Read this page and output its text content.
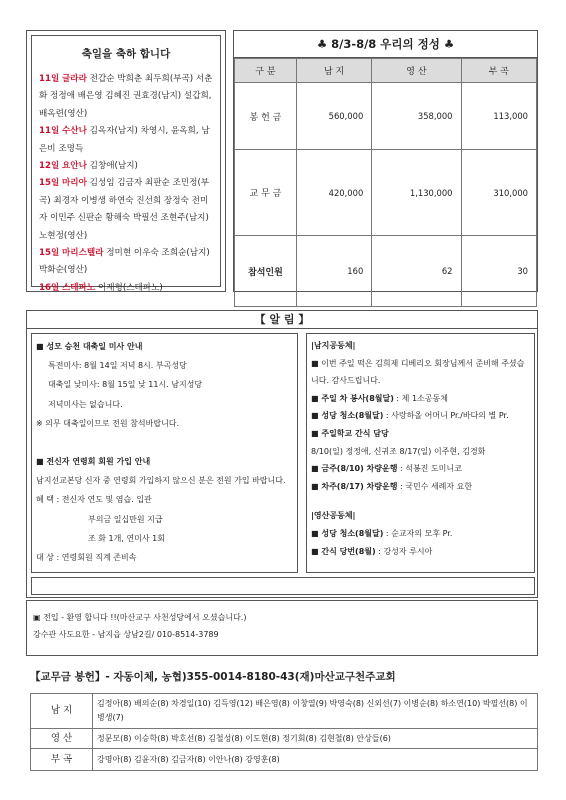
축일을 축하 합니다
11일 글라라 전갑순 박희춘 최두희(부곡) 서춘화 정정애 배은영 김혜진 권효경(남지) 설갑희, 배옥련(영산)
11일 수산나 김옥자(남지) 차영시, 윤옥희, 남은비 조명득
12일 요안나 김창애(남지)
15일 마리아 김성임 김금자 최판순 조민정(부곡) 최경자 이병생 하연숙 진선희 장정숙 전미자 이민주 신판순 황해숙 박필선 조현주(남지) 노현정(영산)
15일 마리스텔라 정미현 이우숙 조희순(남지) 박화순(영산)
16일 스테파노 이재형(스테파노)
♣ 8/3-8/8 우리의 정성 ♣
구 분	남 지	영 산	부 곡
봉 헌 금	560,000	358,000	113,000
교 무 금	420,000	1,130,000	310,000
참석인원	160	62	30
【 알 림 】
■ 성모 승천 대축일 미사 안내
특전미사: 8월 14일 저녁 8시. 부곡성당
대축일 낮미사: 8월 15일 낮 11시. 남지성당
저녁미사는 없습니다.
※ 의무 대축일이므로 전원 참석바랍니다.
■ 전신자 연령회 회원 가입 안내
남지선교본당 신자 중 연령회 가입하지 않으신 분은 전원 가입 바랍니다.
혜 택 : 전신자 연도 및 염습. 입관
부의금 일십만원 지급
조 화 1개, 연미사 1회
대 상 : 연령회원 직계 존비속
|남지공동체|
■ 이번 주일 떡은 김희제 디베리오 회장님께서 준비해 주셨습니다. 감사드립니다.
■ 주일 차 봉사(8월달) : 제 1소공동체
■ 성당 청소(8월달) : 사랑하올 어머니 Pr./바다의 별 Pr.
■ 주일학교 간식 담당
8/10(일) 정정애, 신귀조 8/17(일) 이주현, 김경화
■ 금주(8/10) 차량운행 : 석봉진 도미니코
■ 차주(8/17) 차량운행 : 국민수 세례자 요한
|영산공동체|
■ 성당 청소(8월달) : 순교자의 모후 Pr.
■ 간식 당번(8월) : 강성자 루시아
▣ 전입 - 환영 합니다 !!(마산교구 사천성당에서 오셨습니다.)
강수관 사도요한 - 남지읍 상남2길/ 010-8514-3789
【교무금 봉헌】- 자동이체, 농협)355-0014-8180-43(재)마산교구천주교회
남 지	김정아(8) 배의순(8) 차경일(10) 김득영(12) 배은영(8) 이창열(9) 박영숙(8) 신외선(7) 이병순(8) 하소연(10) 박필선(8) 이병생(7)
영 산	정문모(8) 이승학(8) 박호선(8) 김철성(8) 이도현(8) 정기회(8) 김현철(8) 안상들(6)
부 곡	강명아(8) 김윤자(8) 김금자(8) 이안나(8) 강영훈(8)
